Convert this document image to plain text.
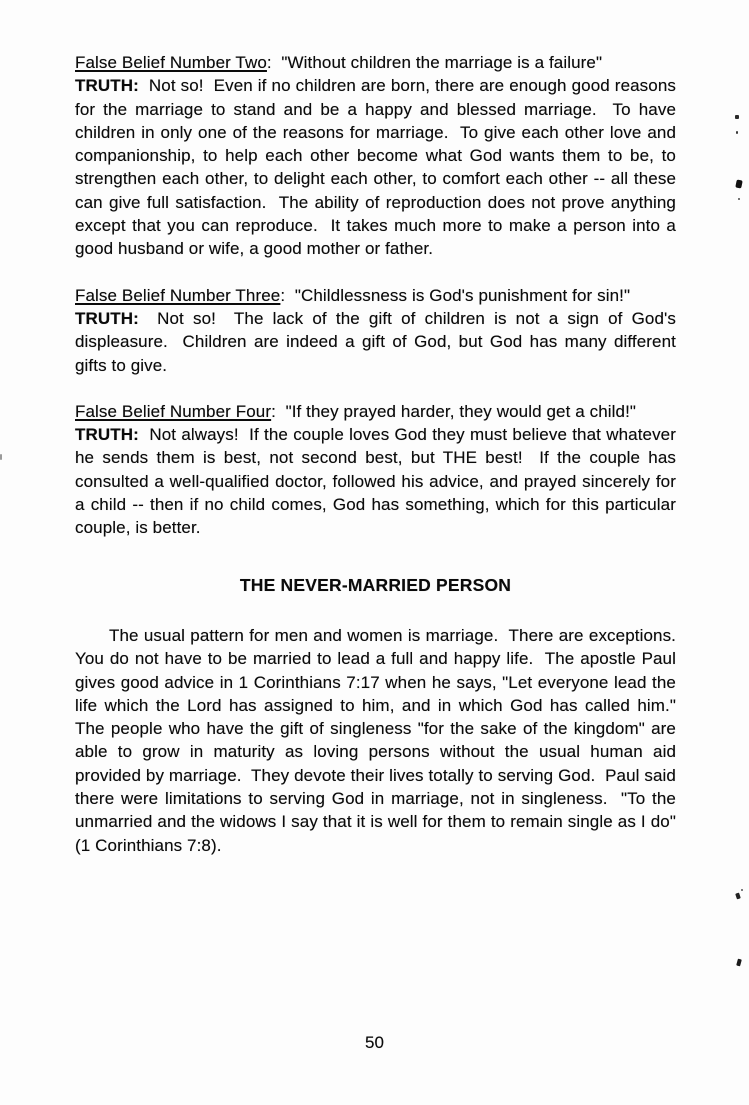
False Belief Number Two:  "Without children the marriage is a failure"

TRUTH:  Not so!  Even if no children are born, there are enough good reasons for the marriage to stand and be a happy and blessed marriage.  To have children in only one of the reasons for marriage.  To give each other love and companionship, to help each other become what God wants them to be, to strengthen each other, to delight each other, to comfort each other -- all these can give full satisfaction.  The ability of reproduction does not prove anything except that you can reproduce.  It takes much more to make a person into a good husband or wife, a good mother or father.

False Belief Number Three:  "Childlessness is God's punishment for sin!"

TRUTH:  Not so!  The lack of the gift of children is not a sign of God's displeasure.  Children are indeed a gift of God, but God has many different gifts to give.

False Belief Number Four:  "If they prayed harder, they would get a child!"

TRUTH:  Not always!  If the couple loves God they must believe that whatever he sends them is best, not second best, but THE best!  If the couple has consulted a well-qualified doctor, followed his advice, and prayed sincerely for a child -- then if no child comes, God has something, which for this particular couple, is better.

THE NEVER-MARRIED PERSON

The usual pattern for men and women is marriage.  There are exceptions.  You do not have to be married to lead a full and happy life.  The apostle Paul gives good advice in 1 Corinthians 7:17 when he says, "Let everyone lead the life which the Lord has assigned to him, and in which God has called him."  The people who have the gift of singleness "for the sake of the kingdom" are able to grow in maturity as loving persons without the usual human aid provided by marriage.  They devote their lives totally to serving God.  Paul said there were limitations to serving God in marriage, not in singleness.  "To the unmarried and the widows I say that it is well for them to remain single as I do" (1 Corinthians 7:8).

50
